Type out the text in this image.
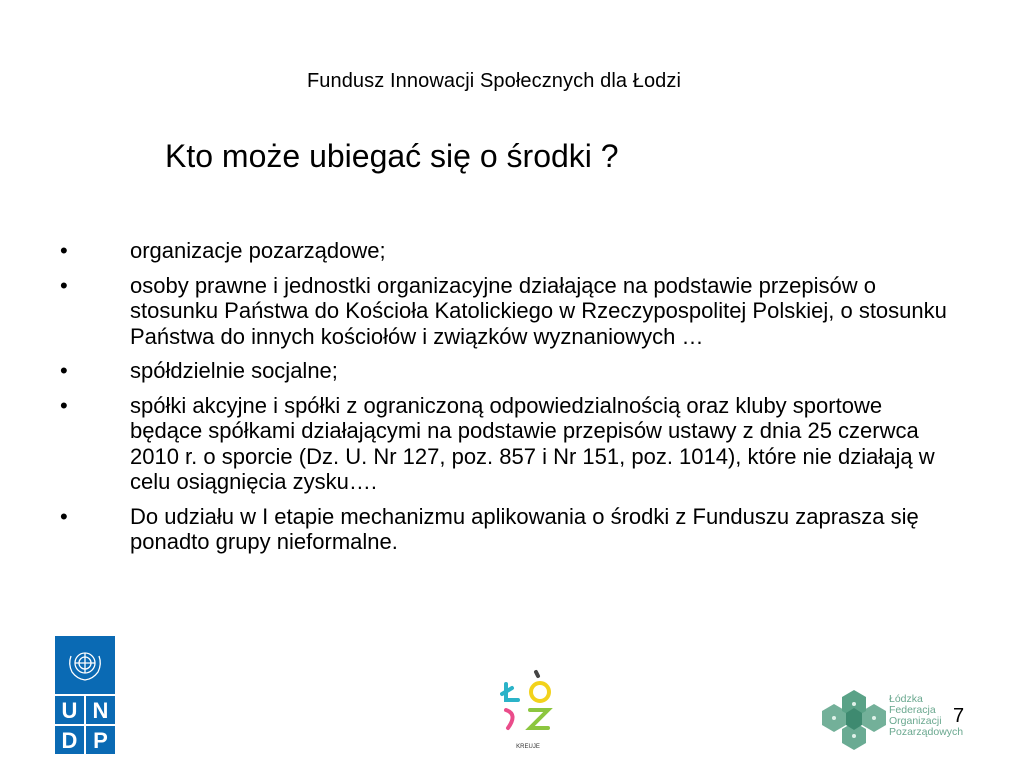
Fundusz Innowacji Społecznych dla Łodzi
Kto może ubiegać się o środki ?
•	organizacje pozarządowe;
•	osoby prawne i jednostki organizacyjne działające na podstawie przepisów o stosunku Państwa do Kościoła Katolickiego w Rzeczypospolitej Polskiej, o stosunku Państwa do innych kościołów i związków wyznaniowych …
•	spółdzielnie socjalne;
•	spółki akcyjne i spółki z ograniczoną odpowiedzialnością oraz kluby sportowe będące spółkami działającymi na podstawie przepisów ustawy z dnia 25 czerwca 2010 r. o sporcie (Dz. U. Nr 127, poz. 857 i Nr 151, poz. 1014), które nie działają w celu osiągnięcia zysku….
•	Do udziału w I etapie mechanizmu aplikowania o środki z Funduszu zaprasza się ponadto grupy nieformalne.
U N
D P	KREUJE
Łódzka
Federacja
Organizacji
Pozarządowych
7
